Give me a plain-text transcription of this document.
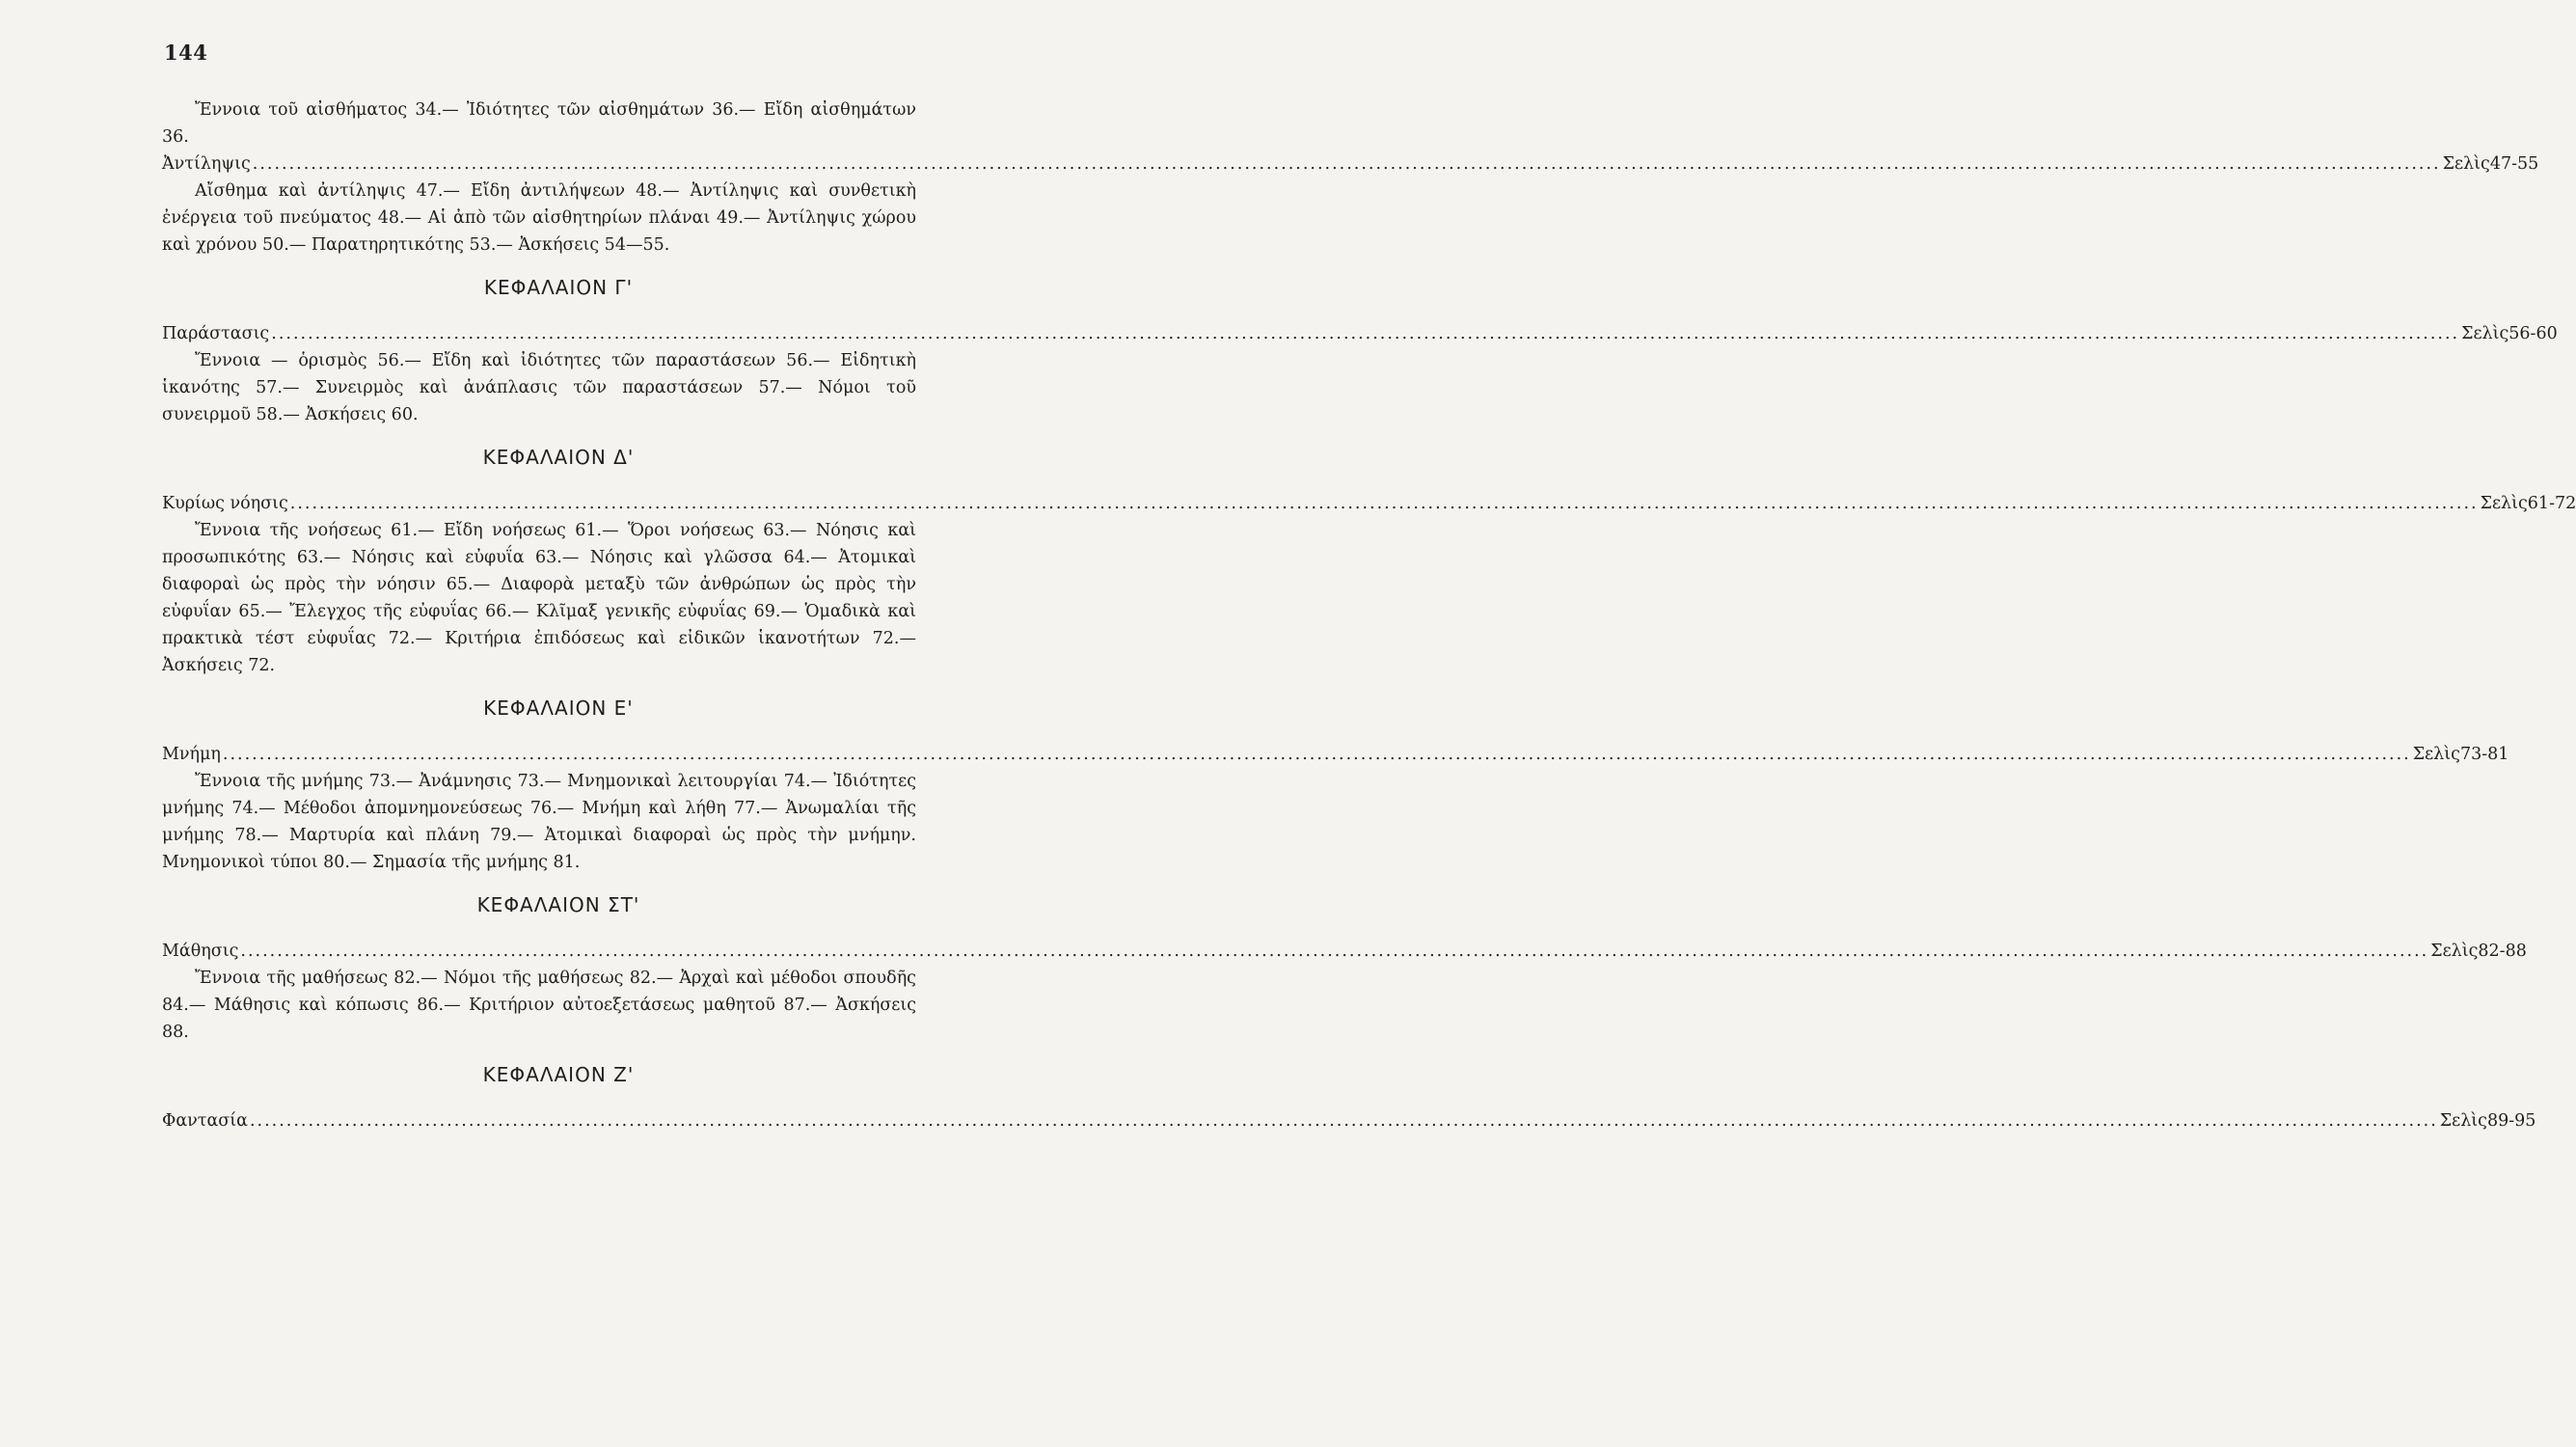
144

Ἔννοια τοῦ αἰσθήματος 34.— Ἰδιότητες τῶν αἰσθημάτων 36.— Εἴδη αἰσθημάτων 36.

Ἀντίληψις ............................................................................................................................................................................................................................................................................................................ Σελὶς 47-55

Αἴσθημα καὶ ἀντίληψις 47.— Εἴδη ἀντιλήψεων 48.— Ἀντίληψις καὶ συνθετικὴ ἐνέργεια τοῦ πνεύματος 48.— Αἱ ἀπὸ τῶν αἰσθητηρίων πλάναι 49.— Ἀντίληψις χώρου καὶ χρόνου 50.— Παρατηρητικότης 53.— Ἀσκήσεις 54—55.

ΚΕΦΑΛΑΙΟΝ Γ'
Παράστασις ............................................................................................................................................................................................................................................................................................................ Σελὶς 56-60

Ἔννοια — ὁρισμὸς 56.— Εἴδη καὶ ἰδιότητες τῶν παραστάσεων 56.— Εἰδητικὴ ἱκανότης 57.— Συνειρμὸς καὶ ἀνάπλασις τῶν παραστάσεων 57.— Νόμοι τοῦ συνειρμοῦ 58.— Ἀσκήσεις 60.

ΚΕΦΑΛΑΙΟΝ Δ'
Κυρίως νόησις ............................................................................................................................................................................................................................................................................................................ Σελὶς 61-72

Ἔννοια τῆς νοήσεως 61.— Εἴδη νοήσεως 61.— Ὅροι νοήσεως 63.— Νόησις καὶ προσωπικότης 63.— Νόησις καὶ εὐφυΐα 63.— Νόησις καὶ γλῶσσα 64.— Ἀτομικαὶ διαφοραὶ ὡς πρὸς τὴν νόησιν 65.— Διαφορὰ μεταξὺ τῶν ἀνθρώπων ὡς πρὸς τὴν εὐφυΐαν 65.— Ἔλεγχος τῆς εὐφυΐας 66.— Κλῖμαξ γενικῆς εὐφυΐας 69.— Ὁμαδικὰ καὶ πρακτικὰ τέστ εὐφυΐας 72.— Κριτήρια ἐπιδόσεως καὶ εἰδικῶν ἱκανοτήτων 72.— Ἀσκήσεις 72.

ΚΕΦΑΛΑΙΟΝ Ε'
Μνήμη ............................................................................................................................................................................................................................................................................................................ Σελὶς 73-81

Ἔννοια τῆς μνήμης 73.— Ἀνάμνησις 73.— Μνημονικαὶ λειτουργίαι 74.— Ἰδιότητες μνήμης 74.— Μέθοδοι ἀπομνημονεύσεως 76.— Μνήμη καὶ λήθη 77.— Ἀνωμαλίαι τῆς μνήμης 78.— Μαρτυρία καὶ πλάνη 79.— Ἀτομικαὶ διαφοραὶ ὡς πρὸς τὴν μνήμην. Μνημονικοὶ τύποι 80.— Σημασία τῆς μνήμης 81.

ΚΕΦΑΛΑΙΟΝ ΣΤ'
Μάθησις ............................................................................................................................................................................................................................................................................................................ Σελὶς 82-88

Ἔννοια τῆς μαθήσεως 82.— Νόμοι τῆς μαθήσεως 82.— Ἀρχαὶ καὶ μέθοδοι σπουδῆς 84.— Μάθησις καὶ κόπωσις 86.— Κριτήριον αὐτοεξετάσεως μαθητοῦ 87.— Ἀσκήσεις 88.

ΚΕΦΑΛΑΙΟΝ Ζ'
Φαντασία ............................................................................................................................................................................................................................................................................................................ Σελὶς 89-95
